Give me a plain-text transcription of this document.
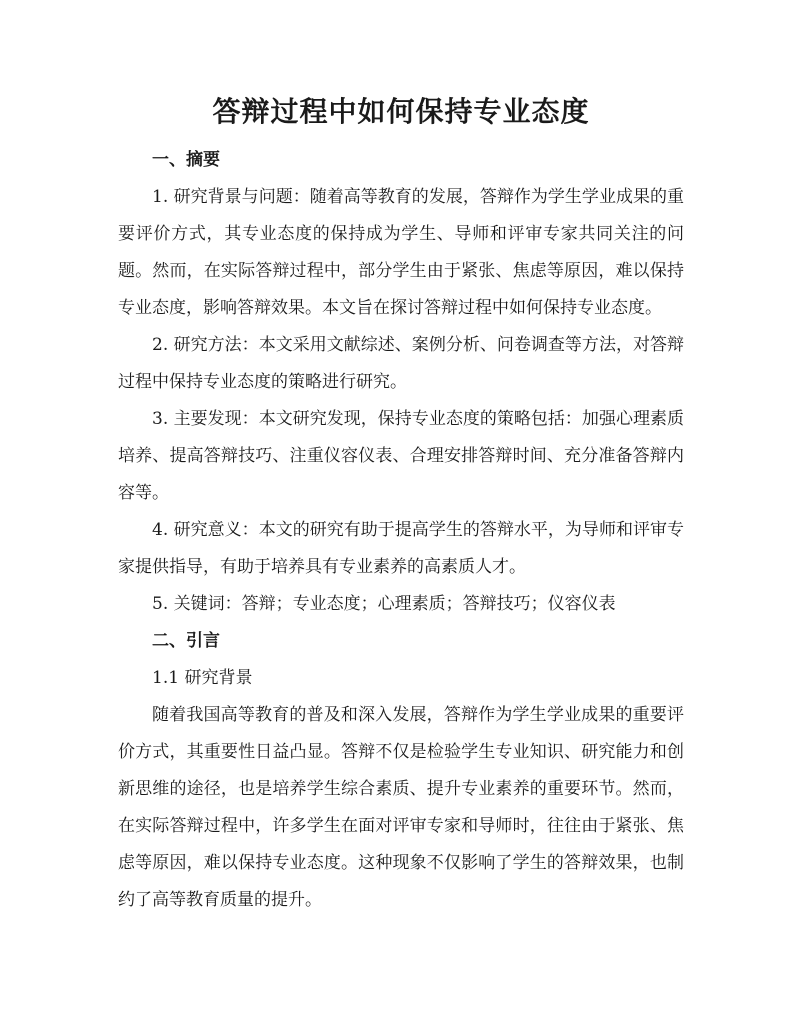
答辩过程中如何保持专业态度
一、摘要

1. 研究背景与问题：随着高等教育的发展，答辩作为学生学业成果的重要评价方式，其专业态度的保持成为学生、导师和评审专家共同关注的问题。然而，在实际答辩过程中，部分学生由于紧张、焦虑等原因，难以保持专业态度，影响答辩效果。本文旨在探讨答辩过程中如何保持专业态度。

2. 研究方法：本文采用文献综述、案例分析、问卷调查等方法，对答辩过程中保持专业态度的策略进行研究。

3. 主要发现：本文研究发现，保持专业态度的策略包括：加强心理素质培养、提高答辩技巧、注重仪容仪表、合理安排答辩时间、充分准备答辩内容等。

4. 研究意义：本文的研究有助于提高学生的答辩水平，为导师和评审专家提供指导，有助于培养具有专业素养的高素质人才。

5. 关键词：答辩；专业态度；心理素质；答辩技巧；仪容仪表

二、引言

1.1 研究背景

随着我国高等教育的普及和深入发展，答辩作为学生学业成果的重要评价方式，其重要性日益凸显。答辩不仅是检验学生专业知识、研究能力和创新思维的途径，也是培养学生综合素质、提升专业素养的重要环节。然而，在实际答辩过程中，许多学生在面对评审专家和导师时，往往由于紧张、焦虑等原因，难以保持专业态度。这种现象不仅影响了学生的答辩效果，也制约了高等教育质量的提升。
